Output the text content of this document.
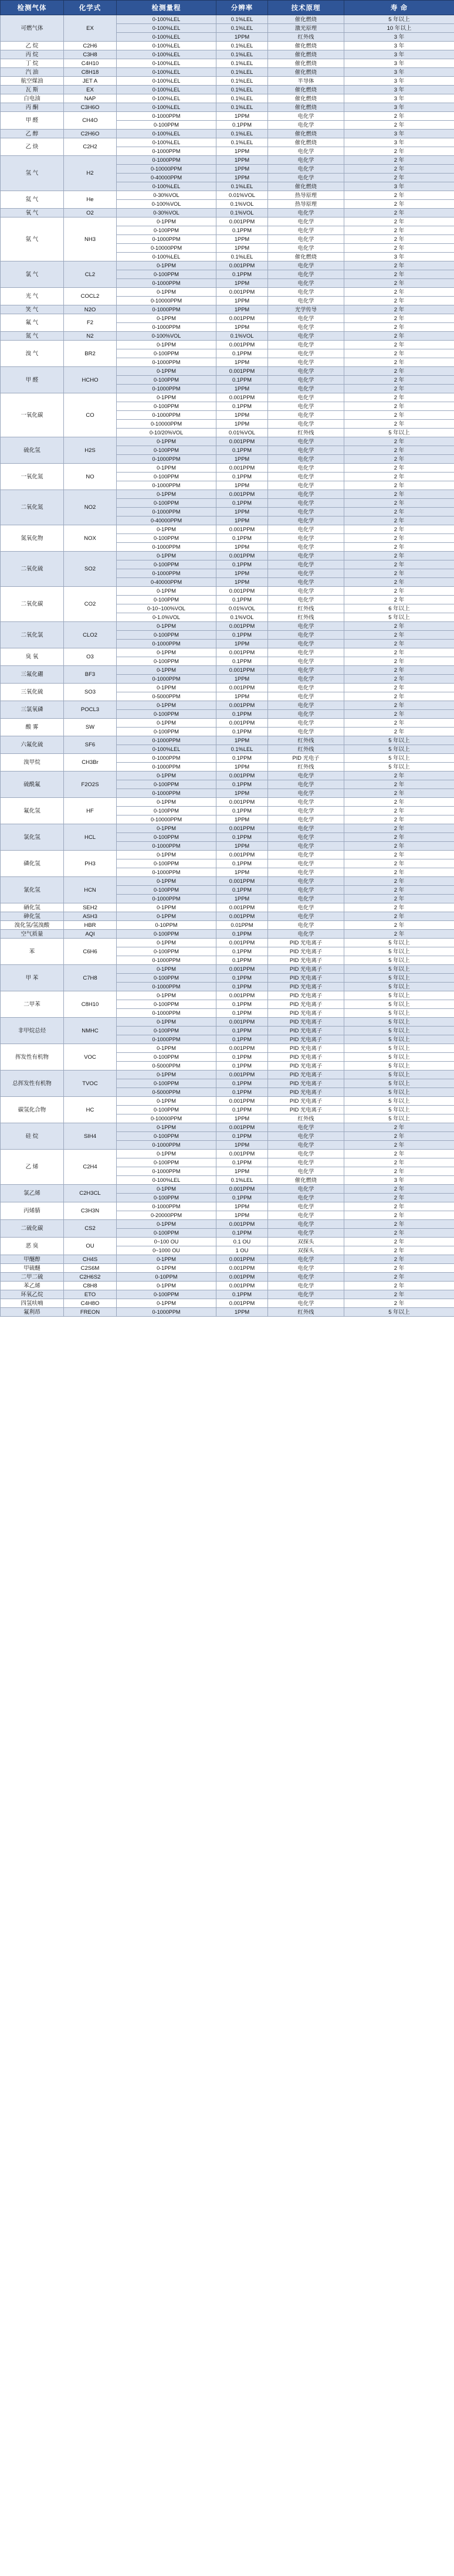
检测气体	化学式	检测量程	分辨率	技术原理	寿 命
可燃气体	EX	0-100%LEL	0.1%LEL	催化燃烧	5 年以上
		0-100%LEL	0.1%LEL	激光原理	10 年以上
		0-100%LEL	1PPM	红外线	3 年
乙 烷	C2H6	0-100%LEL	0.1%LEL	催化燃烧	3 年
丙 烷	C3H8	0-100%LEL	0.1%LEL	催化燃烧	3 年
丁 烷	C4H10	0-100%LEL	0.1%LEL	催化燃烧	3 年
汽 油	C8H18	0-100%LEL	0.1%LEL	催化燃烧	3 年
航空煤油	JET A	0-100%LEL	0.1%LEL	半导体	3 年
瓦 斯	EX	0-100%LEL	0.1%LEL	催化燃烧	3 年
白电油	NAP	0-100%LEL	0.1%LEL	催化燃烧	3 年
丙 酮	C3H6O	0-100%LEL	0.1%LEL	催化燃烧	3 年
甲 醛	CH4O	0-1000PPM	1PPM	电化学	2 年
		0-100PPM	0.1PPM	电化学	2 年
乙 醇	C2H6O	0-100%LEL	0.1%LEL	催化燃烧	3 年
乙 炔	C2H2	0-100%LEL	0.1%LEL	催化燃烧	3 年
		0-1000PPM	1PPM	电化学	2 年
氢 气	H2	0-1000PPM	1PPM	电化学	2 年
		0-10000PPM	1PPM	电化学	2 年
		0-40000PPM	1PPM	电化学	2 年
		0-100%LEL	0.1%LEL	催化燃烧	3 年
氦 气	He	0-30%VOL	0.01%VOL	热导原理	2 年
		0-100%VOL	0.1%VOL	热导原理	2 年
氧 气	O2	0-30%VOL	0.1%VOL	电化学	2 年
氨 气	NH3	0-1PPM	0.001PPM	电化学	2 年
		0-100PPM	0.1PPM	电化学	2 年
		0-1000PPM	1PPM	电化学	2 年
		0-10000PPM	1PPM	电化学	2 年
		0-100%LEL	0.1%LEL	催化燃烧	3 年
氯 气	CL2	0-1PPM	0.001PPM	电化学	2 年
		0-100PPM	0.1PPM	电化学	2 年
		0-1000PPM	1PPM	电化学	2 年
光 气	COCL2	0-1PPM	0.001PPM	电化学	2 年
		0-10000PPM	1PPM	电化学	2 年
笑 气	N2O	0-1000PPM	1PPM	光学传导	2 年
氟 气	F2	0-1PPM	0.001PPM	电化学	2 年
		0-1000PPM	1PPM	电化学	2 年
氮 气	N2	0-100%VOL	0.1%VOL	电化学	2 年
溴 气	BR2	0-1PPM	0.001PPM	电化学	2 年
		0-100PPM	0.1PPM	电化学	2 年
		0-1000PPM	1PPM	电化学	2 年
甲 醛	HCHO	0-1PPM	0.001PPM	电化学	2 年
		0-100PPM	0.1PPM	电化学	2 年
		0-1000PPM	1PPM	电化学	2 年
一氧化碳	CO	0-1PPM	0.001PPM	电化学	2 年
		0-100PPM	0.1PPM	电化学	2 年
		0-1000PPM	1PPM	电化学	2 年
		0-10000PPM	1PPM	电化学	2 年
		0-10/20%VOL	0.01%VOL	红外线	5 年以上
硫化氢	H2S	0-1PPM	0.001PPM	电化学	2 年
		0-100PPM	0.1PPM	电化学	2 年
		0-1000PPM	1PPM	电化学	2 年
一氧化氮	NO	0-1PPM	0.001PPM	电化学	2 年
		0-100PPM	0.1PPM	电化学	2 年
		0-1000PPM	1PPM	电化学	2 年
二氧化氮	NO2	0-1PPM	0.001PPM	电化学	2 年
		0-100PPM	0.1PPM	电化学	2 年
		0-1000PPM	1PPM	电化学	2 年
		0-40000PPM	1PPM	电化学	2 年
氮氧化物	NOX	0-1PPM	0.001PPM	电化学	2 年
		0-100PPM	0.1PPM	电化学	2 年
		0-1000PPM	1PPM	电化学	2 年
二氧化硫	SO2	0-1PPM	0.001PPM	电化学	2 年
		0-100PPM	0.1PPM	电化学	2 年
		0-1000PPM	1PPM	电化学	2 年
		0-40000PPM	1PPM	电化学	2 年
二氧化碳	CO2	0-1PPM	0.001PPM	电化学	2 年
		0-100PPM	0.1PPM	电化学	2 年
		0-10~100%VOL	0.01%VOL	红外线	6 年以上
		0-1.0%VOL	0.1%VOL	红外线	5 年以上
二氧化氯	CLO2	0-1PPM	0.001PPM	电化学	2 年
		0-100PPM	0.1PPM	电化学	2 年
		0-1000PPM	1PPM	电化学	2 年
臭 氧	O3	0-1PPM	0.001PPM	电化学	2 年
		0-100PPM	0.1PPM	电化学	2 年
三氟化硼	BF3	0-1PPM	0.001PPM	电化学	2 年
		0-1000PPM	1PPM	电化学	2 年
三氧化硫	SO3	0-1PPM	0.001PPM	电化学	2 年
		0-5000PPM	1PPM	电化学	2 年
三氯氧磷	POCL3	0-1PPM	0.001PPM	电化学	2 年
		0-100PPM	0.1PPM	电化学	2 年
酸 雾	SW	0-1PPM	0.001PPM	电化学	2 年
		0-100PPM	0.1PPM	电化学	2 年
六氟化硫	SF6	0-1000PPM	1PPM	红外线	5 年以上
		0-100%LEL	0.1%LEL	红外线	5 年以上
溴甲烷	CH3Br	0-1000PPM	0.1PPM	PID 光电子	5 年以上
		0-1000PPM	1PPM	红外线	5 年以上
硫酰氟	F2O2S	0-1PPM	0.001PPM	电化学	2 年
		0-100PPM	0.1PPM	电化学	2 年
		0-1000PPM	1PPM	电化学	2 年
氟化氢	HF	0-1PPM	0.001PPM	电化学	2 年
		0-100PPM	0.1PPM	电化学	2 年
		0-10000PPM	1PPM	电化学	2 年
氯化氢	HCL	0-1PPM	0.001PPM	电化学	2 年
		0-100PPM	0.1PPM	电化学	2 年
		0-1000PPM	1PPM	电化学	2 年
磷化氢	PH3	0-1PPM	0.001PPM	电化学	2 年
		0-100PPM	0.1PPM	电化学	2 年
		0-1000PPM	1PPM	电化学	2 年
氰化氢	HCN	0-1PPM	0.001PPM	电化学	2 年
		0-100PPM	0.1PPM	电化学	2 年
		0-1000PPM	1PPM	电化学	2 年
硒化氢	SEH2	0-1PPM	0.001PPM	电化学	2 年
砷化氢	ASH3	0-1PPM	0.001PPM	电化学	2 年
溴化氢/氢溴酸	HBR	0-10PPM	0.01PPM	电化学	2 年
空气质量	AQI	0-100PPM	0.1PPM	电化学	2 年
苯	C6H6	0-1PPM	0.001PPM	PID 光电离子	5 年以上
		0-100PPM	0.1PPM	PID 光电离子	5 年以上
		0-1000PPM	0.1PPM	PID 光电离子	5 年以上
甲 苯	C7H8	0-1PPM	0.001PPM	PID 光电离子	5 年以上
		0-100PPM	0.1PPM	PID 光电离子	5 年以上
		0-1000PPM	0.1PPM	PID 光电离子	5 年以上
二甲苯	C8H10	0-1PPM	0.001PPM	PID 光电离子	5 年以上
		0-100PPM	0.1PPM	PID 光电离子	5 年以上
		0-1000PPM	0.1PPM	PID 光电离子	5 年以上
非甲烷总烃	NMHC	0-1PPM	0.001PPM	PID 光电离子	5 年以上
		0-100PPM	0.1PPM	PID 光电离子	5 年以上
		0-1000PPM	0.1PPM	PID 光电离子	5 年以上
挥发性有机物	VOC	0-1PPM	0.001PPM	PID 光电离子	5 年以上
		0-100PPM	0.1PPM	PID 光电离子	5 年以上
		0-5000PPM	0.1PPM	PID 光电离子	5 年以上
总挥发性有机物	TVOC	0-1PPM	0.001PPM	PID 光电离子	5 年以上
		0-100PPM	0.1PPM	PID 光电离子	5 年以上
		0-5000PPM	0.1PPM	PID 光电离子	5 年以上
碳氢化合物	HC	0-1PPM	0.001PPM	PID 光电离子	5 年以上
		0-100PPM	0.1PPM	PID 光电离子	5 年以上
		0-10000PPM	1PPM	红外线	5 年以上
硅 烷	SIH4	0-1PPM	0.001PPM	电化学	2 年
		0-100PPM	0.1PPM	电化学	2 年
		0-1000PPM	1PPM	电化学	2 年
乙 烯	C2H4	0-1PPM	0.001PPM	电化学	2 年
		0-100PPM	0.1PPM	电化学	2 年
		0-1000PPM	1PPM	电化学	2 年
		0-100%LEL	0.1%LEL	催化燃烧	3 年
氯乙烯	C2H3CL	0-1PPM	0.001PPM	电化学	2 年
		0-100PPM	0.1PPM	电化学	2 年
丙烯腈	C3H3N	0-1000PPM	1PPM	电化学	2 年
		0-20000PPM	1PPM	电化学	2 年
二硫化碳	CS2	0-1PPM	0.001PPM	电化学	2 年
		0-100PPM	0.1PPM	电化学	2 年
恶 臭	OU	0~100 OU	0.1 OU	双探头	2 年
		0~1000 OU	1 OU	双探头	2 年
甲醚醇	CH4S	0-1PPM	0.001PPM	电化学	2 年
甲硫醚	C2S6M	0-1PPM	0.001PPM	电化学	2 年
二甲二硫	C2H6S2	0-10PPM	0.001PPM	电化学	2 年
苯乙烯	C8H8	0-1PPM	0.001PPM	电化学	2 年
环氧乙烷	ETO	0-100PPM	0.1PPM	电化学	2 年
四氢呋喃	C4H8O	0-1PPM	0.001PPM	电化学	2 年
氟利昂	FREON	0-1000PPM	1PPM	红外线	5 年以上
